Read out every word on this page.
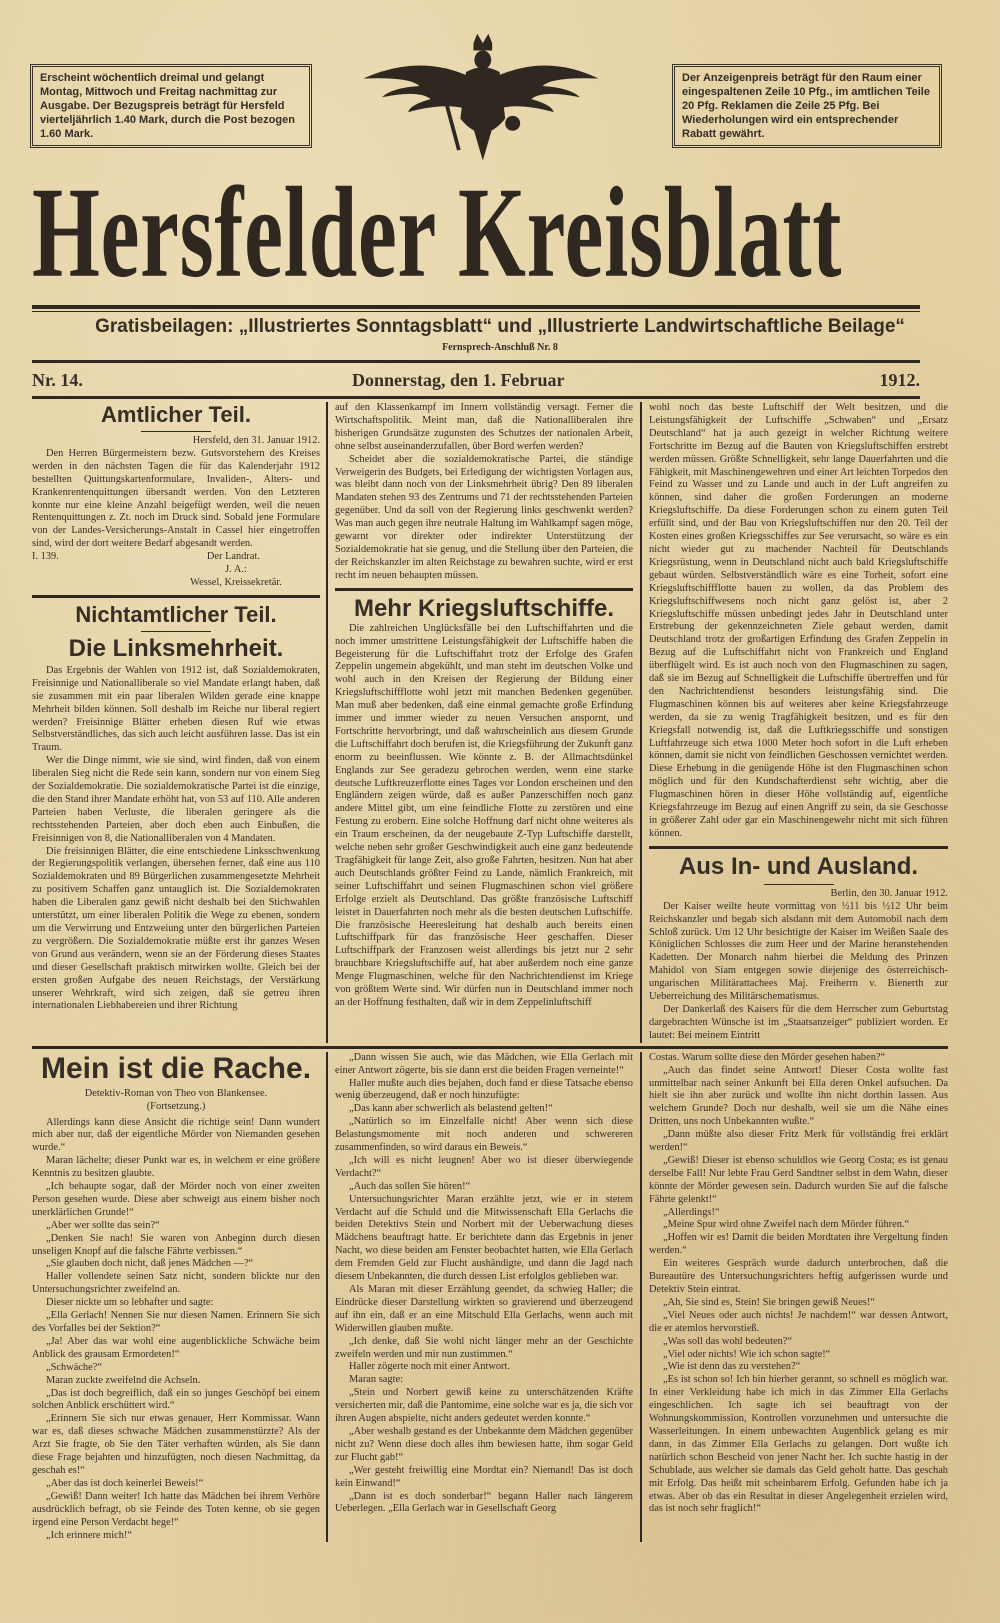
Erscheint wöchentlich dreimal und gelangt Montag, Mittwoch und Freitag nachmittag zur Ausgabe. Der Bezugspreis beträgt für Hersfeld vierteljährlich 1.40 Mark, durch die Post bezogen 1.60 Mark.
Der Anzeigenpreis beträgt für den Raum einer eingespaltenen Zeile 10 Pfg., im amtlichen Teile 20 Pfg. Reklamen die Zeile 25 Pfg. Bei Wiederholungen wird ein entsprechender Rabatt gewährt.
Hersfelder Kreisblatt
Gratisbeilagen: „Illustriertes Sonntagsblatt“ und „Illustrierte Landwirtschaftliche Beilage“
Fernsprech-Anschluß Nr. 8
Nr. 14.	Donnerstag, den 1. Februar	1912.
Amtlicher Teil.

Hersfeld, den 31. Januar 1912.

Den Herren Bürgermeistern bezw. Gutsvorstehern des Kreises werden in den nächsten Tagen die für das Kalenderjahr 1912 bestellten Quittungskartenformulare, Invaliden-, Alters- und Krankenrentenquittungen übersandt werden. Von den Letzteren konnte nur eine kleine Anzahl beigefügt werden, weil die neuen Rentenquittungen z. Zt. noch im Druck sind. Sobald jene Formulare von der Landes-Versicherungs-Anstalt in Cassel hier eingetroffen sind, wird der dort weitere Bedarf abgesandt werden.

I. 139.	Der Landrat.

J. A.:

Wessel, Kreissekretär.

Nichtamtlicher Teil.
Die Linksmehrheit.

Das Ergebnis der Wahlen von 1912 ist, daß Sozialdemokraten, Freisinnige und Nationalliberale so viel Mandate erlangt haben, daß sie zusammen mit ein paar liberalen Wilden gerade eine knappe Mehrheit bilden können. Soll deshalb im Reiche nur liberal regiert werden? Freisinnige Blätter erheben diesen Ruf wie etwas Selbstverständliches, das sich auch leicht ausführen lasse. Das ist ein Traum.

Wer die Dinge nimmt, wie sie sind, wird finden, daß von einem liberalen Sieg nicht die Rede sein kann, sondern nur von einem Sieg der Sozialdemokratie. Die sozialdemokratische Partei ist die einzige, die den Stand ihrer Mandate erhöht hat, von 53 auf 110. Alle anderen Parteien haben Verluste, die liberalen geringere als die rechtsstehenden Parteien, aber doch eben auch Einbußen, die Freisinnigen von 8, die Nationalliberalen von 4 Mandaten.

Die freisinnigen Blätter, die eine entschiedene Linksschwenkung der Regierungspolitik verlangen, übersehen ferner, daß eine aus 110 Sozialdemokraten und 89 Bürgerlichen zusammengesetzte Mehrheit zu positivem Schaffen ganz untauglich ist. Die Sozialdemokraten haben die Liberalen ganz gewiß nicht deshalb bei den Stichwahlen unterstützt, um einer liberalen Politik die Wege zu ebenen, sondern um die Verwirrung und Entzweiung unter den bürgerlichen Parteien zu vergrößern. Die Sozialdemokratie müßte erst ihr ganzes Wesen von Grund aus verändern, wenn sie an der Förderung dieses Staates und dieser Gesellschaft praktisch mitwirken wollte. Gleich bei der ersten großen Aufgabe des neuen Reichstags, der Verstärkung unserer Wehrkraft, wird sich zeigen, daß sie getreu ihren internationalen Liebhabereien und ihrer Richtung

auf den Klassenkampf im Innern vollständig versagt. Ferner die Wirtschaftspolitik. Meint man, daß die Nationalliberalen ihre bisherigen Grundsätze zugunsten des Schutzes der nationalen Arbeit, ohne selbst auseinanderzufallen, über Bord werfen werden?

Scheidet aber die sozialdemokratische Partei, die ständige Verweigerin des Budgets, bei Erledigung der wichtigsten Vorlagen aus, was bleibt dann noch von der Linksmehrheit übrig? Den 89 liberalen Mandaten stehen 93 des Zentrums und 71 der rechtsstehenden Parteien gegenüber. Und da soll von der Regierung links geschwenkt werden? Was man auch gegen ihre neutrale Haltung im Wahlkampf sagen möge, gewarnt vor direkter oder indirekter Unterstützung der Sozialdemokratie hat sie genug, und die Stellung über den Parteien, die der Reichskanzler im alten Reichstage zu bewahren suchte, wird er erst recht im neuen behaupten müssen.

Mehr Kriegsluftschiffe.

Die zahlreichen Unglücksfälle bei den Luftschiffahrten und die noch immer umstrittene Leistungsfähigkeit der Luftschiffe haben die Begeisterung für die Luftschiffahrt trotz der Erfolge des Grafen Zeppelin ungemein abgekühlt, und man steht im deutschen Volke und wohl auch in den Kreisen der Regierung der Bildung einer Kriegsluftschiffflotte wohl jetzt mit manchen Bedenken gegenüber. Man muß aber bedenken, daß eine einmal gemachte große Erfindung immer und immer wieder zu neuen Versuchen anspornt, und Fortschritte hervorbringt, und daß wahrscheinlich aus diesem Grunde die Luftschiffahrt doch berufen ist, die Kriegsführung der Zukunft ganz enorm zu beeinflussen. Wie könnte z. B. der Allmachtsdünkel Englands zur See geradezu gebrochen werden, wenn eine starke deutsche Luftkreuzerflotte eines Tages vor London erscheinen und den Engländern zeigen würde, daß es außer Panzerschiffen noch ganz andere Mittel gibt, um eine feindliche Flotte zu zerstören und eine Festung zu erobern. Eine solche Hoffnung darf nicht ohne weiteres als ein Traum erscheinen, da der neugebaute Z-Typ Luftschiffe darstellt, welche neben sehr großer Geschwindigkeit auch eine ganz bedeutende Tragfähigkeit für lange Zeit, also große Fahrten, besitzen. Nun hat aber auch Deutschlands größter Feind zu Lande, nämlich Frankreich, mit seiner Luftschiffahrt und seinen Flugmaschinen schon viel größere Erfolge erzielt als Deutschland. Das größte französische Luftschiff leistet in Dauerfahrten noch mehr als die besten deutschen Luftschiffe. Die französische Heeresleitung hat deshalb auch bereits einen Luftschiffpark für das französische Heer geschaffen. Dieser Luftschiffpark der Franzosen weist allerdings bis jetzt nur 2 sehr brauchbare Kriegsluftschiffe auf, hat aber außerdem noch eine ganze Menge Flugmaschinen, welche für den Nachrichtendienst im Kriege von größtem Werte sind. Wir dürfen nun in Deutschland immer noch an der Hoffnung festhalten, daß wir in dem Zeppelinluftschiff

wohl noch das beste Luftschiff der Welt besitzen, und die Leistungsfähigkeit der Luftschiffe „Schwaben“ und „Ersatz Deutschland“ hat ja auch gezeigt in welcher Richtung weitere Fortschritte im Bezug auf die Bauten von Kriegsluftschiffen erstrebt werden müssen. Größte Schnelligkeit, sehr lange Dauerfahrten und die Fähigkeit, mit Maschinengewehren und einer Art leichten Torpedos den Feind zu Wasser und zu Lande und auch in der Luft angreifen zu können, sind daher die großen Forderungen an moderne Kriegsluftschiffe. Da diese Forderungen schon zu einem guten Teil erfüllt sind, und der Bau von Kriegsluftschiffen nur den 20. Teil der Kosten eines großen Kriegsschiffes zur See verursacht, so wäre es ein nicht wieder gut zu machender Nachteil für Deutschlands Kriegsrüstung, wenn in Deutschland nicht auch bald Kriegsluftschiffe gebaut würden. Selbstverständlich wäre es eine Torheit, sofort eine Kriegsluftschiffflotte bauen zu wollen, da das Problem des Kriegsluftschiffwesens noch nicht ganz gelöst ist, aber 2 Kriegsluftschiffe müssen unbedingt jedes Jahr in Deutschland unter Erstrebung der gekennzeichneten Ziele gebaut werden, damit Deutschland trotz der großartigen Erfindung des Grafen Zeppelin in Bezug auf die Luftschiffahrt nicht von Frankreich und England überflügelt wird. Es ist auch noch von den Flugmaschinen zu sagen, daß sie im Bezug auf Schnelligkeit die Luftschiffe übertreffen und für den Nachrichtendienst besonders leistungsfähig sind. Die Flugmaschinen können bis auf weiteres aber keine Kriegsfahrzeuge werden, da sie zu wenig Tragfähigkeit besitzen, und es für den Kriegsfall notwendig ist, daß die Luftkriegsschiffe und sonstigen Luftfahrzeuge sich etwa 1000 Meter hoch sofort in die Luft erheben können, damit sie nicht von feindlichen Geschossen vernichtet werden. Diese Erhebung in die genügende Höhe ist den Flugmaschinen schon möglich und für den Kundschafterdienst sehr wichtig, aber die Flugmaschinen hören in dieser Höhe vollständig auf, eigentliche Kriegsfahrzeuge im Bezug auf einen Angriff zu sein, da sie Geschosse in größerer Zahl oder gar ein Maschinengewehr nicht mit sich führen können.

Aus In- und Ausland.

Berlin, den 30. Januar 1912.

Der Kaiser weilte heute vormittag von ½11 bis ½12 Uhr beim Reichskanzler und begab sich alsdann mit dem Automobil nach dem Schloß zurück. Um 12 Uhr besichtigte der Kaiser im Weißen Saale des Königlichen Schlosses die zum Heer und der Marine heranstehenden Kadetten. Der Monarch nahm hierbei die Meldung des Prinzen Mahidol von Siam entgegen sowie diejenige des österreichisch-ungarischen Militärattachees Maj. Freiherrn v. Bienerth zur Ueberreichung des Militärschematismus.

Der Dankerlaß des Kaisers für die dem Herrscher zum Geburtstag dargebrachten Wünsche ist im „Staatsanzeiger“ publiziert worden. Er lautet: Bei meinem Eintritt

Mein ist die Rache.

Detektiv-Roman von Theo von Blankensee.

(Fortsetzung.)

Allerdings kann diese Ansicht die richtige sein! Dann wundert mich aber nur, daß der eigentliche Mörder von Niemanden gesehen wurde.“

Maran lächelte; dieser Punkt war es, in welchem er eine größere Kenntnis zu besitzen glaubte.

„Ich behaupte sogar, daß der Mörder noch von einer zweiten Person gesehen wurde. Diese aber schweigt aus einem bisher noch unerklärlichen Grunde!“

„Aber wer sollte das sein?“

„Denken Sie nach! Sie waren von Anbeginn durch diesen unseligen Knopf auf die falsche Fährte verbissen.“

„Sie glauben doch nicht, daß jenes Mädchen —?“

Haller vollendete seinen Satz nicht, sondern blickte nur den Untersuchungsrichter zweifelnd an.

Dieser nickte um so lebhafter und sagte:

„Ella Gerlach! Nennen Sie nur diesen Namen. Erinnern Sie sich des Vorfalles bei der Sektion?“

„Ja! Aber das war wohl eine augenblickliche Schwäche beim Anblick des grausam Ermordeten!“

„Schwäche?“

Maran zuckte zweifelnd die Achseln.

„Das ist doch begreiflich, daß ein so junges Geschöpf bei einem solchen Anblick erschüttert wird.“

„Erinnern Sie sich nur etwas genauer, Herr Kommissar. Wann war es, daß dieses schwache Mädchen zusammenstürzte? Als der Arzt Sie fragte, ob Sie den Täter verhaften würden, als Sie dann diese Frage bejahten und hinzufügten, noch diesen Nachmittag, da geschah es!“

„Aber das ist doch keinerlei Beweis!“

„Gewiß! Dann weiter! Ich hatte das Mädchen bei ihrem Verhöre ausdrücklich befragt, ob sie Feinde des Toten kenne, ob sie gegen irgend eine Person Verdacht hege!“

„Ich erinnere mich!“

„Dann wissen Sie auch, wie das Mädchen, wie Ella Gerlach mit einer Antwort zögerte, bis sie dann erst die beiden Fragen verneinte!“

Haller mußte auch dies bejahen, doch fand er diese Tatsache ebenso wenig überzeugend, daß er noch hinzufügte:

„Das kann aber schwerlich als belastend gelten!“

„Natürlich so im Einzelfalle nicht! Aber wenn sich diese Belastungsmomente mit noch anderen und schwereren zusammenfinden, so wird daraus ein Beweis.“

„Ich will es nicht leugnen! Aber wo ist dieser überwiegende Verdacht?“

„Auch das sollen Sie hören!“

Untersuchungsrichter Maran erzählte jetzt, wie er in stetem Verdacht auf die Schuld und die Mitwissenschaft Ella Gerlachs die beiden Detektivs Stein und Norbert mit der Ueberwachung dieses Mädchens beauftragt hatte. Er berichtete dann das Ergebnis in jener Nacht, wo diese beiden am Fenster beobachtet hatten, wie Ella Gerlach dem Fremden Geld zur Flucht aushändigte, und dann die Jagd nach diesem Unbekannten, die durch dessen List erfolglos geblieben war.

Als Maran mit dieser Erzählung geendet, da schwieg Haller; die Eindrücke dieser Darstellung wirkten so gravierend und überzeugend auf ihn ein, daß er an eine Mitschuld Ella Gerlachs, wenn auch mit Widerwillen glauben mußte.

„Ich denke, daß Sie wohl nicht länger mehr an der Geschichte zweifeln werden und mir nun zustimmen.“

Haller zögerte noch mit einer Antwort.

Maran sagte:

„Stein und Norbert gewiß keine zu unterschätzenden Kräfte versicherten mir, daß die Pantomime, eine solche war es ja, die sich vor ihren Augen abspielte, nicht anders gedeutet werden konnte.“

„Aber weshalb gestand es der Unbekannte dem Mädchen gegenüber nicht zu? Wenn diese doch alles ihm bewiesen hatte, ihm sogar Geld zur Flucht gab!“

„Wer gesteht freiwillig eine Mordtat ein? Niemand! Das ist doch kein Einwand!“

„Dann ist es doch sonderbar!“ begann Haller nach längerem Ueberlegen. „Ella Gerlach war in Gesellschaft Georg

Costas. Warum sollte diese den Mörder gesehen haben?“

„Auch das findet seine Antwort! Dieser Costa wollte fast unmittelbar nach seiner Ankunft bei Ella deren Onkel aufsuchen. Da hielt sie ihn aber zurück und wollte ihn nicht dorthin lassen. Aus welchem Grunde? Doch nur deshalb, weil sie um die Nähe eines Dritten, uns noch Unbekannten wußte.“

„Dann müßte also dieser Fritz Merk für vollständig frei erklärt werden!“

„Gewiß! Dieser ist ebenso schuldlos wie Georg Costa; es ist genau derselbe Fall! Nur lebte Frau Gerd Sandtner selbst in dem Wahn, dieser könnte der Mörder gewesen sein. Dadurch wurden Sie auf die falsche Fährte gelenkt!“

„Allerdings!“

„Meine Spur wird ohne Zweifel nach dem Mörder führen.“

„Hoffen wir es! Damit die beiden Mordtaten ihre Vergeltung finden werden.“

Ein weiteres Gespräch wurde dadurch unterbrochen, daß die Bureautüre des Untersuchungsrichters heftig aufgerissen wurde und Detektiv Stein eintrat.

„Ah, Sie sind es, Stein! Sie bringen gewiß Neues!“

„Viel Neues oder auch nichts! Je nachdem!“ war dessen Antwort, die er atemlos hervorstieß.

„Was soll das wohl bedeuten?“

„Viel oder nichts! Wie ich schon sagte!“

„Wie ist denn das zu verstehen?“

„Es ist schon so! Ich bin hierher gerannt, so schnell es möglich war. In einer Verkleidung habe ich mich in das Zimmer Ella Gerlachs eingeschlichen. Ich sagte ich sei beauftragt von der Wohnungskommission, Kontrollen vorzunehmen und untersuchte die Wasserleitungen. In einem unbewachten Augenblick gelang es mir dann, in das Zimmer Ella Gerlachs zu gelangen. Dort wußte ich natürlich schon Bescheid von jener Nacht her. Ich suchte hastig in der Schublade, aus welcher sie damals das Geld geholt hatte. Das geschah mit Erfolg. Das heißt mit scheinbarem Erfolg. Gefunden habe ich ja etwas. Aber ob das ein Resultat in dieser Angelegenheit erzielen wird, das ist noch sehr fraglich!“
